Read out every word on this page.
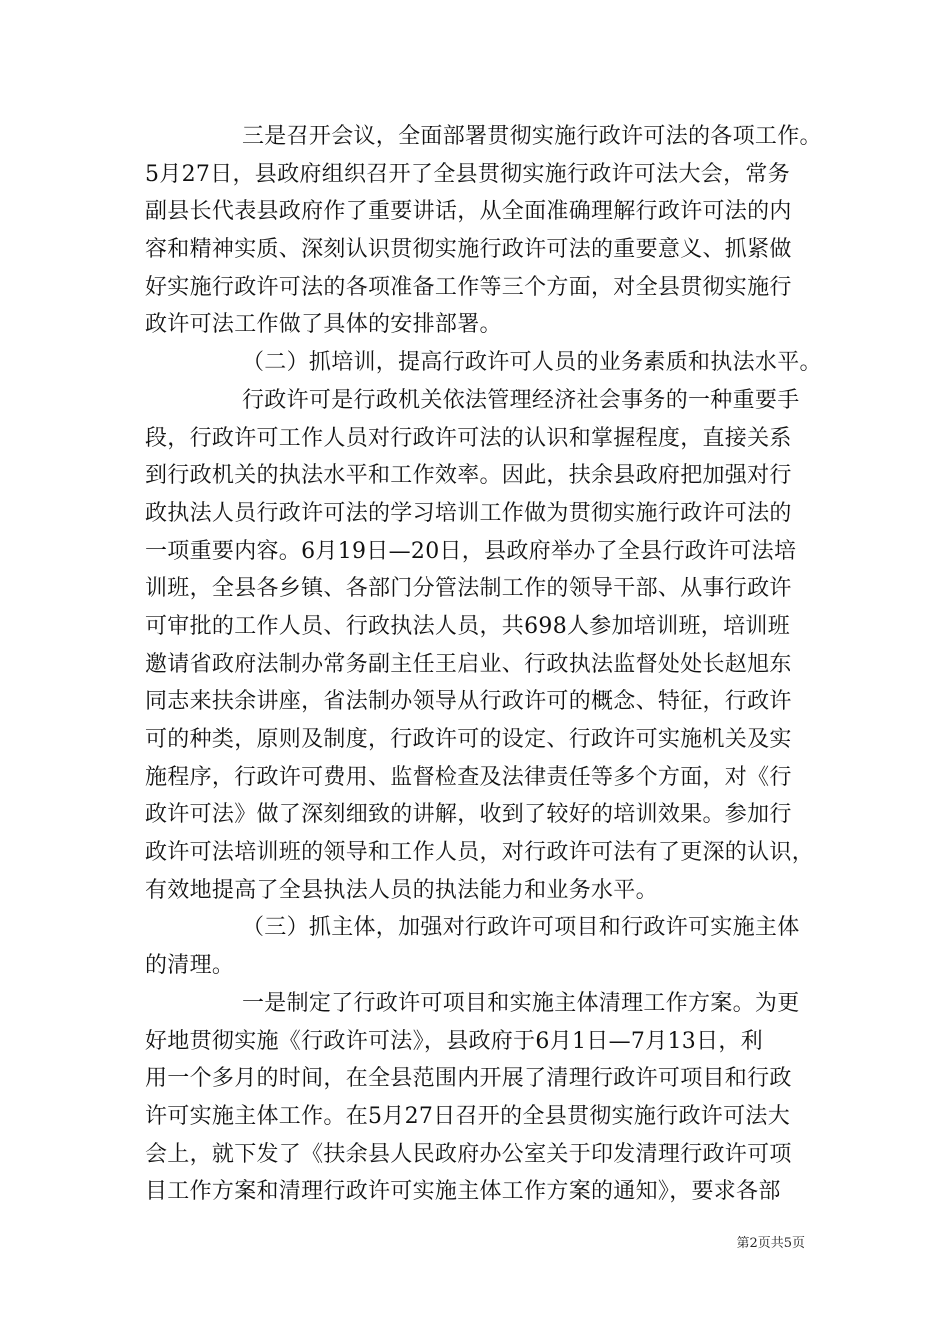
三是召开会议，全面部署贯彻实施行政许可法的各项工作。
5月27日，县政府组织召开了全县贯彻实施行政许可法大会，常务
副县长代表县政府作了重要讲话，从全面准确理解行政许可法的内
容和精神实质、深刻认识贯彻实施行政许可法的重要意义、抓紧做
好实施行政许可法的各项准备工作等三个方面，对全县贯彻实施行
政许可法工作做了具体的安排部署。
（二）抓培训，提高行政许可人员的业务素质和执法水平。
行政许可是行政机关依法管理经济社会事务的一种重要手
段，行政许可工作人员对行政许可法的认识和掌握程度，直接关系
到行政机关的执法水平和工作效率。因此，扶余县政府把加强对行
政执法人员行政许可法的学习培训工作做为贯彻实施行政许可法的
一项重要内容。6月19日—20日，县政府举办了全县行政许可法培
训班，全县各乡镇、各部门分管法制工作的领导干部、从事行政许
可审批的工作人员、行政执法人员，共698人参加培训班，培训班
邀请省政府法制办常务副主任王启业、行政执法监督处处长赵旭东
同志来扶余讲座，省法制办领导从行政许可的概念、特征，行政许
可的种类，原则及制度，行政许可的设定、行政许可实施机关及实
施程序，行政许可费用、监督检查及法律责任等多个方面，对《行
政许可法》做了深刻细致的讲解，收到了较好的培训效果。参加行
政许可法培训班的领导和工作人员，对行政许可法有了更深的认识，
有效地提高了全县执法人员的执法能力和业务水平。
（三）抓主体，加强对行政许可项目和行政许可实施主体
的清理。
一是制定了行政许可项目和实施主体清理工作方案。为更
好地贯彻实施《行政许可法》，县政府于6月1日—7月13日，利
用一个多月的时间，在全县范围内开展了清理行政许可项目和行政
许可实施主体工作。在5月27日召开的全县贯彻实施行政许可法大
会上，就下发了《扶余县人民政府办公室关于印发清理行政许可项
目工作方案和清理行政许可实施主体工作方案的通知》，要求各部
第2页共5页
